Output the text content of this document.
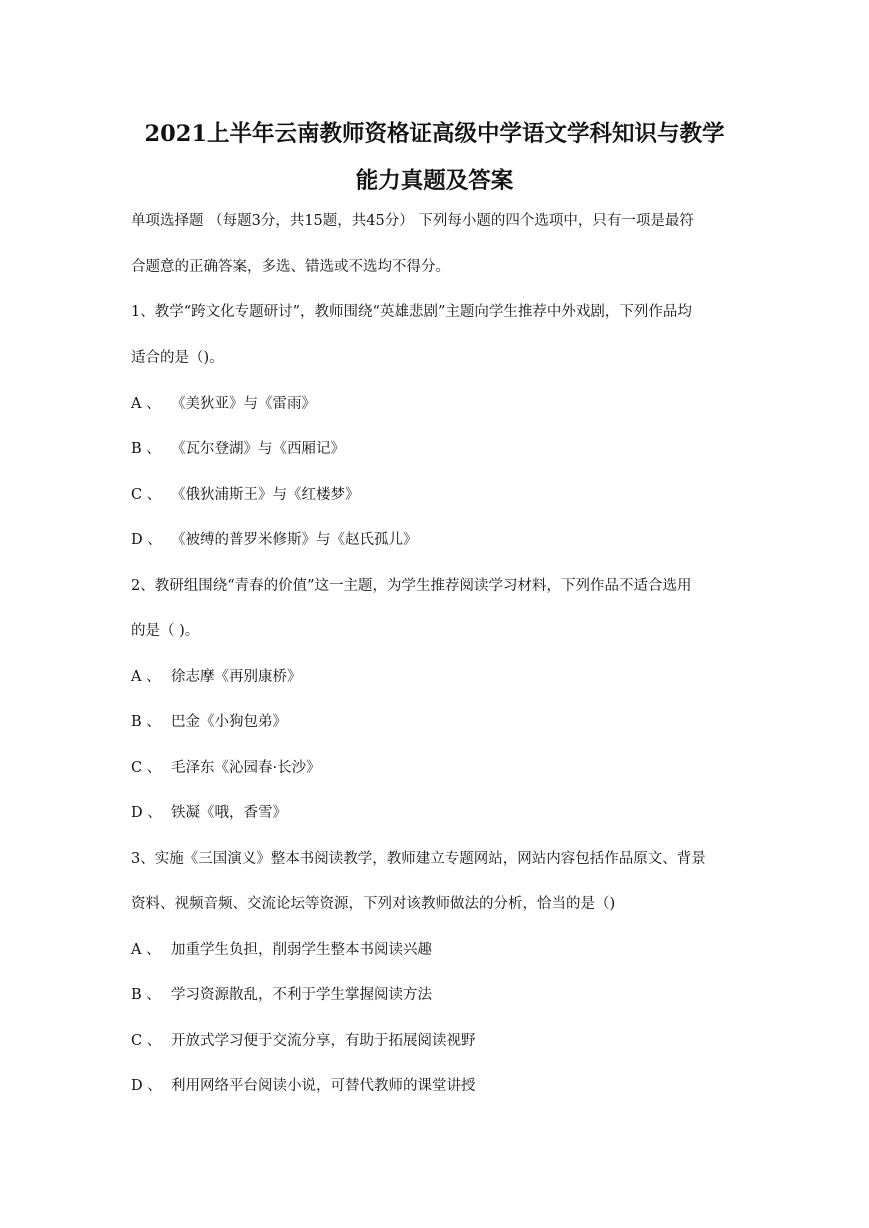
2021上半年云南教师资格证高级中学语文学科知识与教学
能力真题及答案
单项选择题 （每题3分，共15题，共45分） 下列每小题的四个选项中，只有一项是最符
合题意的正确答案，多选、错选或不选均不得分。
1、教学“跨文化专题研讨”，教师围绕“英雄悲剧”主题向学生推荐中外戏剧，下列作品均
适合的是（)。
A 、 《美狄亚》与《雷雨》
B 、 《瓦尔登湖》与《西厢记》
C 、 《俄狄浦斯王》与《红楼梦》
D 、 《被缚的普罗米修斯》与《赵氏孤儿》
2、教研组围绕“青春的价值”这一主题，为学生推荐阅读学习材料，下列作品不适合选用
的是（ )。
A 、 徐志摩《再别康桥》
B 、 巴金《小狗包弟》
C 、 毛泽东《沁园春·长沙》
D 、 铁凝《哦，香雪》
3、实施《三国演义》整本书阅读教学，教师建立专题网站，网站内容包括作品原文、背景
资料、视频音频、交流论坛等资源，下列对该教师做法的分析，恰当的是（)
A 、 加重学生负担，削弱学生整本书阅读兴趣
B 、 学习资源散乱，不利于学生掌握阅读方法
C 、 开放式学习便于交流分享，有助于拓展阅读视野
D 、 利用网络平台阅读小说，可替代教师的课堂讲授
